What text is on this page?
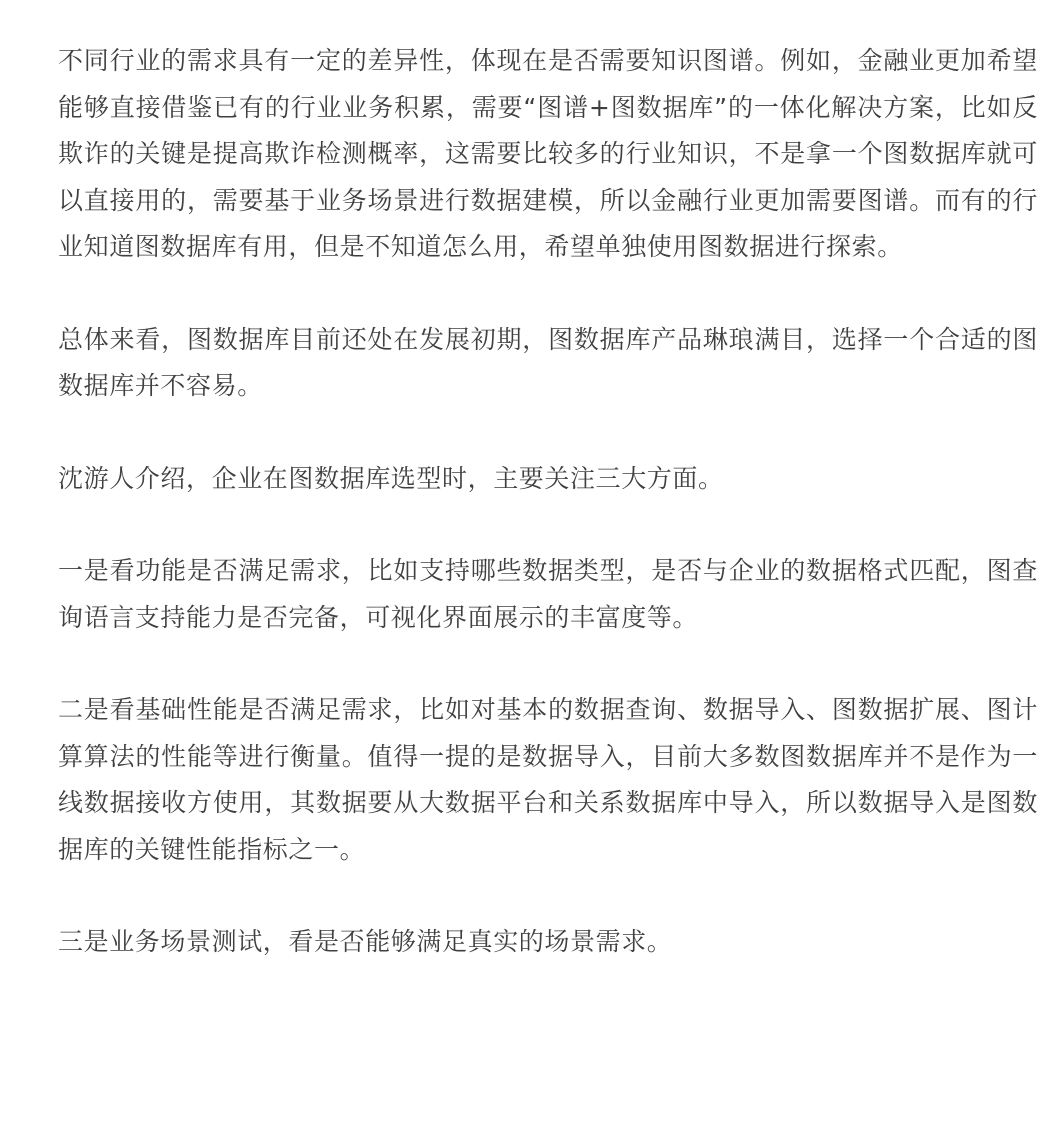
不同行业的需求具有一定的差异性，体现在是否需要知识图谱。例如，金融业更加希望能够直接借鉴已有的行业业务积累，需要“图谱+图数据库”的一体化解决方案，比如反欺诈的关键是提高欺诈检测概率，这需要比较多的行业知识，不是拿一个图数据库就可以直接用的，需要基于业务场景进行数据建模，所以金融行业更加需要图谱。而有的行业知道图数据库有用，但是不知道怎么用，希望单独使用图数据进行探索。

总体来看，图数据库目前还处在发展初期，图数据库产品琳琅满目，选择一个合适的图数据库并不容易。

沈游人介绍，企业在图数据库选型时，主要关注三大方面。

一是看功能是否满足需求，比如支持哪些数据类型，是否与企业的数据格式匹配，图查询语言支持能力是否完备，可视化界面展示的丰富度等。

二是看基础性能是否满足需求，比如对基本的数据查询、数据导入、图数据扩展、图计算算法的性能等进行衡量。值得一提的是数据导入，目前大多数图数据库并不是作为一线数据接收方使用，其数据要从大数据平台和关系数据库中导入，所以数据导入是图数据库的关键性能指标之一。

三是业务场景测试，看是否能够满足真实的场景需求。
